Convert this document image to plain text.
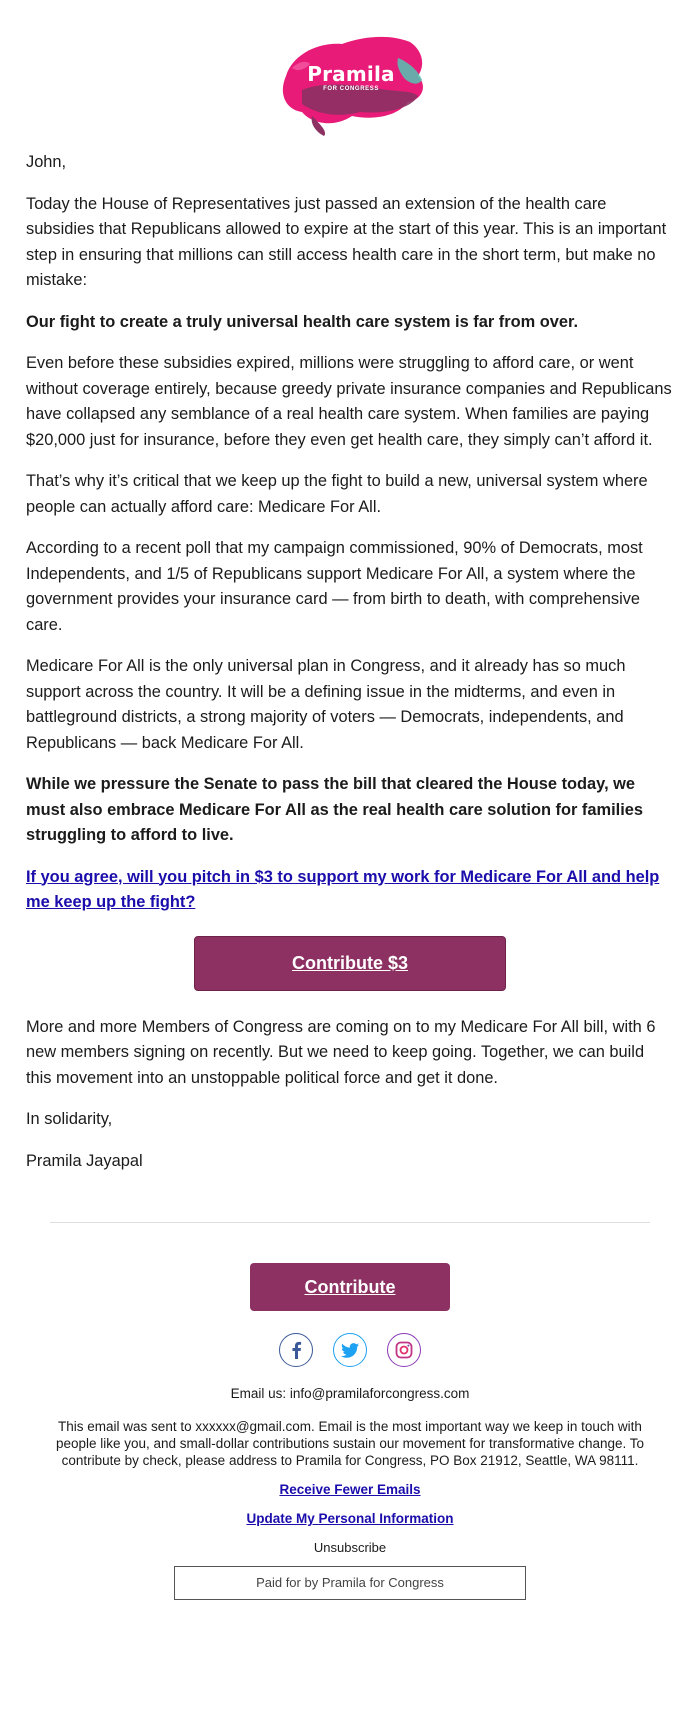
Pramila
FOR CONGRESS

John,

Today the House of Representatives just passed an extension of the health care subsidies that Republicans allowed to expire at the start of this year. This is an important step in ensuring that millions can still access health care in the short term, but make no mistake:

Our fight to create a truly universal health care system is far from over.

Even before these subsidies expired, millions were struggling to afford care, or went without coverage entirely, because greedy private insurance companies and Republicans have collapsed any semblance of a real health care system. When families are paying $20,000 just for insurance, before they even get health care, they simply can’t afford it.

That’s why it’s critical that we keep up the fight to build a new, universal system where people can actually afford care: Medicare For All.

According to a recent poll that my campaign commissioned, 90% of Democrats, most Independents, and 1/5 of Republicans support Medicare For All, a system where the government provides your insurance card — from birth to death, with comprehensive care.

Medicare For All is the only universal plan in Congress, and it already has so much support across the country. It will be a defining issue in the midterms, and even in battleground districts, a strong majority of voters — Democrats, independents, and Republicans — back Medicare For All.

While we pressure the Senate to pass the bill that cleared the House today, we must also embrace Medicare For All as the real health care solution for families struggling to afford to live.

If you agree, will you pitch in $3 to support my work for Medicare For All and help me keep up the fight?

Contribute $3

More and more Members of Congress are coming on to my Medicare For All bill, with 6 new members signing on recently. But we need to keep going. Together, we can build this movement into an unstoppable political force and get it done.

In solidarity,

Pramila Jayapal

Contribute
Email us: info@pramilaforcongress.com
This email was sent to xxxxxx@gmail.com. Email is the most important way we keep in touch with people like you, and small-dollar contributions sustain our movement for transformative change. To contribute by check, please address to Pramila for Congress, PO Box 21912, Seattle, WA 98111.
Receive Fewer Emails
Update My Personal Information
Unsubscribe
Paid for by Pramila for Congress
